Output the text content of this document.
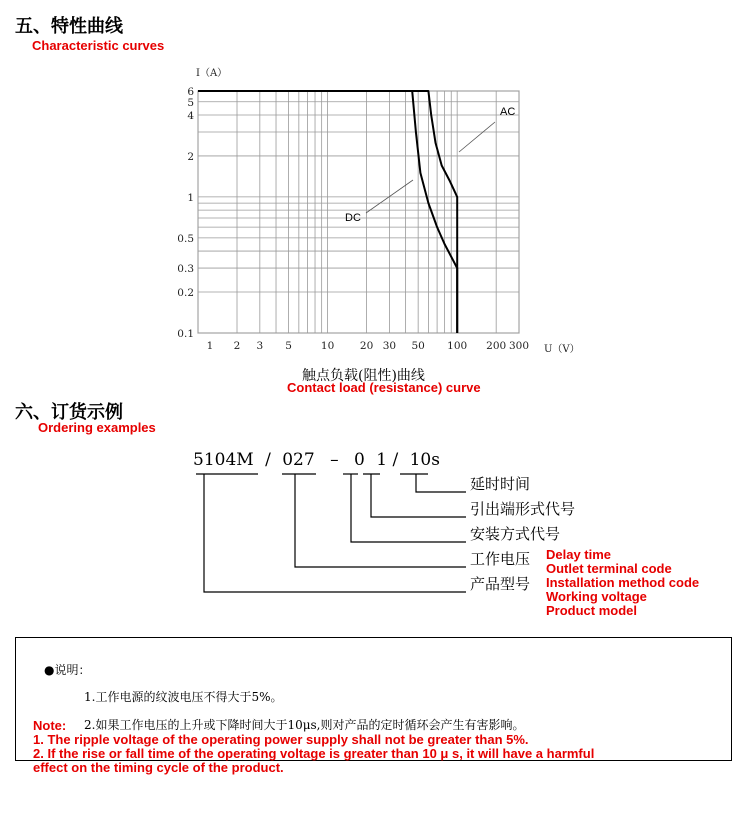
五、特性曲线
Characteristic curves
1 2 3 5	10 20 30 50 100 200 300
6
5
4
2
1
0.5
0.3
0.2
0.1
AC
DC
I（A）
U（V）
触点负载(阻性)曲线
Contact load (resistance) curve
六、订货示例
Ordering examples
5104M / 027 – 0 1 / 10s
延时时间
引出端形式代号
安装方式代号
工作电压
产品型号
Delay time
Outlet terminal code
Installation method code
Working voltage
Product model
●说明：
1.工作电源的纹波电压不得大于5%。
2.如果工作电压的上升或下降时间大于10μs,则对产品的定时循环会产生有害影响。
Note:
1. The ripple voltage of the operating power supply shall not be greater than 5%.
2. If the rise or fall time of the operating voltage is greater than 10 μ s, it will have a harmful
effect on the timing cycle of the product.
